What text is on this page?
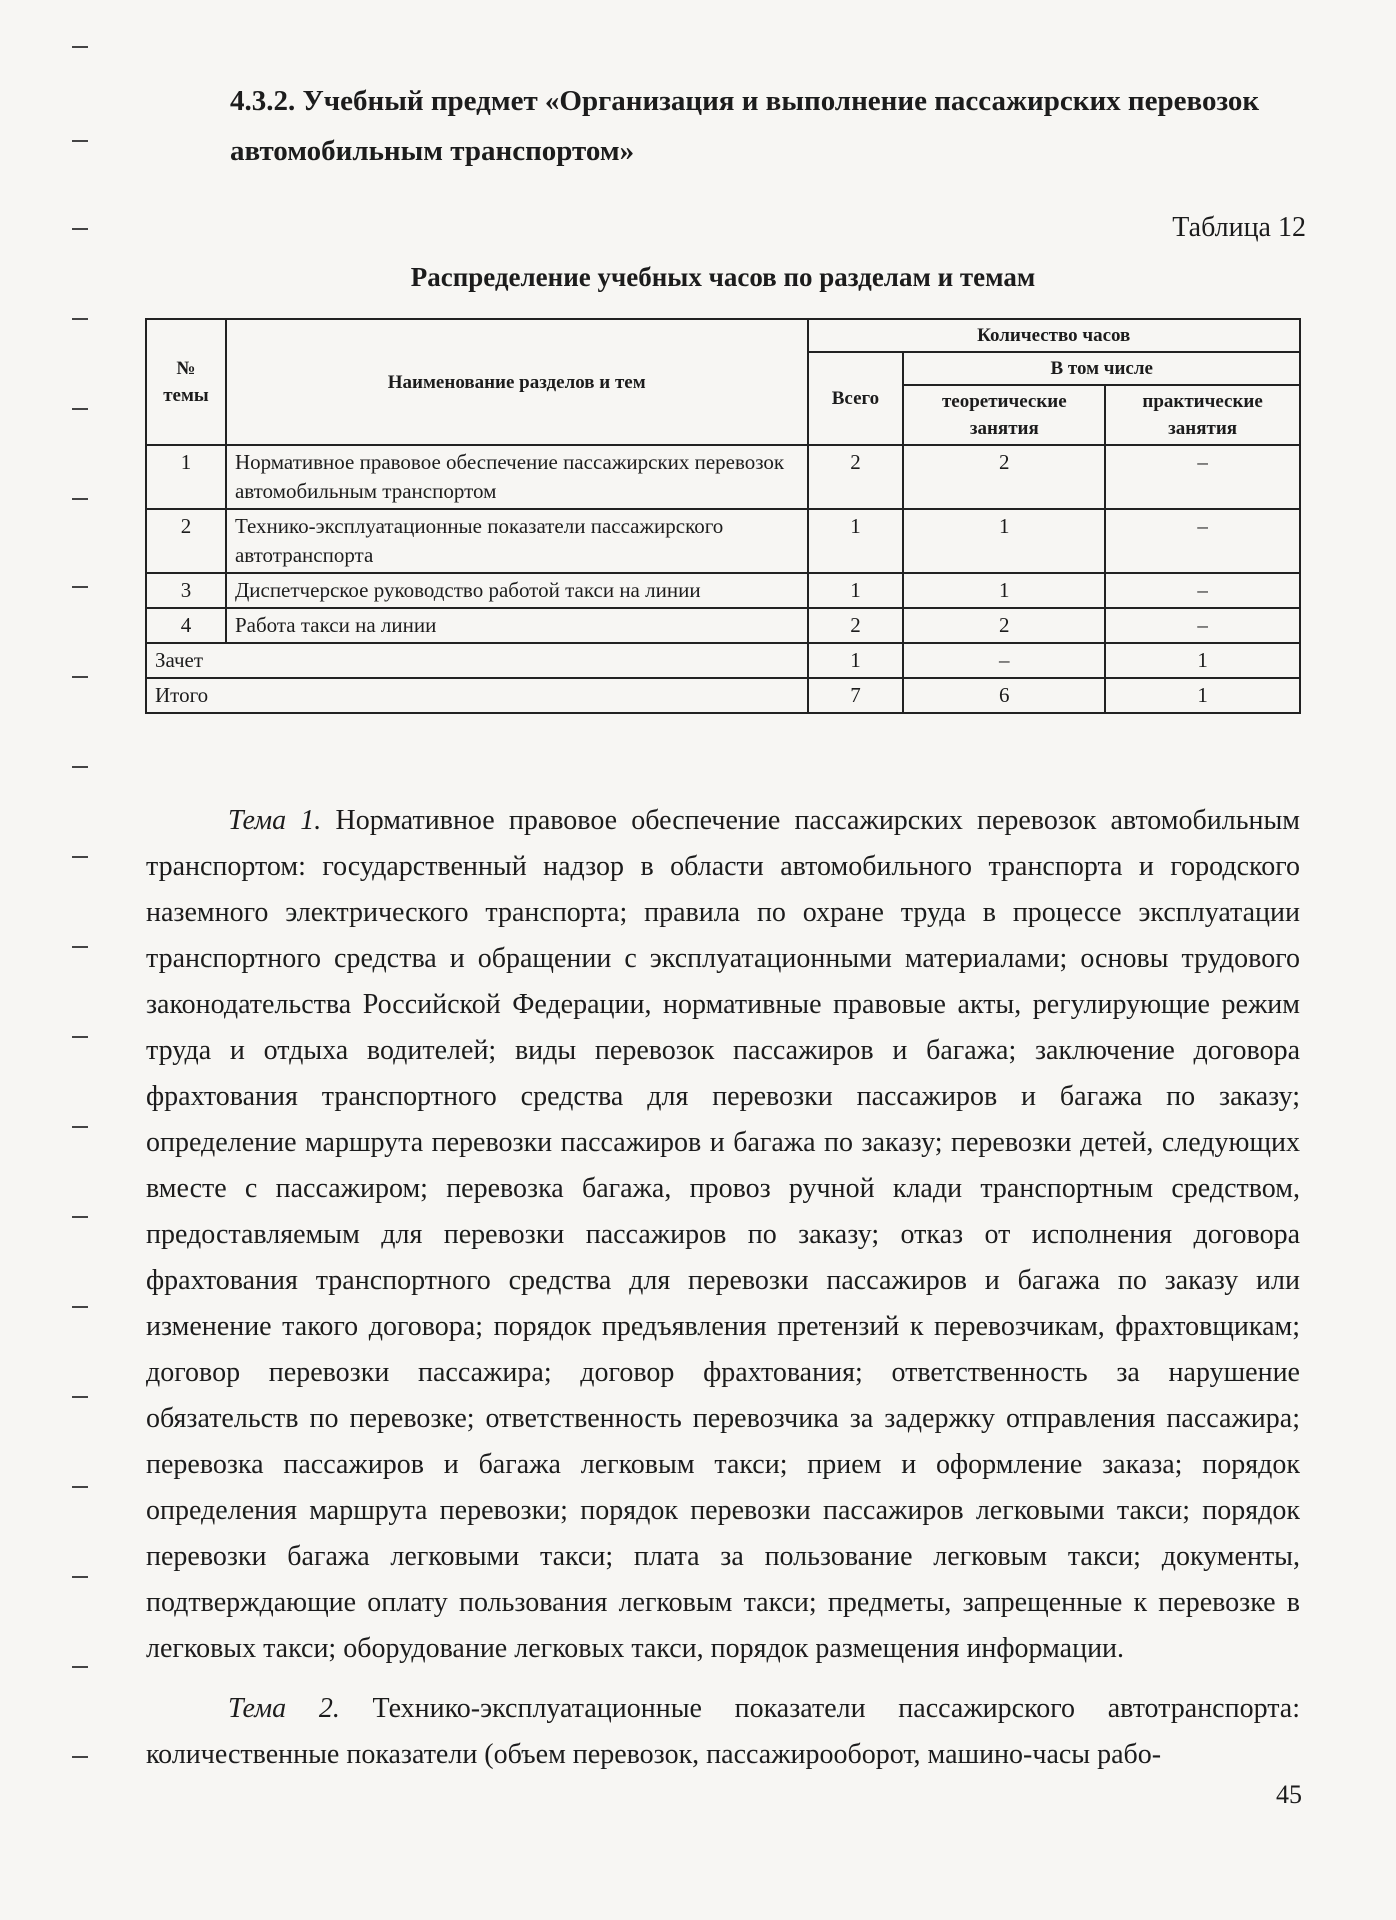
4.3.2. Учебный предмет «Организация и выполнение пассажирских перевозок автомобильным транспортом»
Таблица 12
Распределение учебных часов по разделам и темам
№ темы	Наименование разделов и тем	Количество часов		
		Всего	В том числе	
			теоретические занятия	практические занятия
1	Нормативное правовое обеспечение пассажирских перевозок автомобильным транспортом	2	2	–
2	Технико-эксплуатационные показатели пассажирского автотранспорта	1	1	–
3	Диспетчерское руководство работой такси на линии	1	1	–
4	Работа такси на линии	2	2	–
Зачет		1	–	1
Итого		7	6	1

Тема 1. Нормативное правовое обеспечение пассажирских перевозок автомобильным транспортом: государственный надзор в области автомобильного транспорта и городского наземного электрического транспорта; правила по охране труда в процессе эксплуатации транспортного средства и обращении с эксплуатационными материалами; основы трудового законодательства Российской Федерации, нормативные правовые акты, регулирующие режим труда и отдыха водителей; виды перевозок пассажиров и багажа; заключение договора фрахтования транспортного средства для перевозки пассажиров и багажа по заказу; определение маршрута перевозки пассажиров и багажа по заказу; перевозки детей, следующих вместе с пассажиром; перевозка багажа, провоз ручной клади транспортным средством, предоставляемым для перевозки пассажиров по заказу; отказ от исполнения договора фрахтования транспортного средства для перевозки пассажиров и багажа по заказу или изменение такого договора; порядок предъявления претензий к перевозчикам, фрахтовщикам; договор перевозки пассажира; договор фрахтования; ответственность за нарушение обязательств по перевозке; ответственность перевозчика за задержку отправления пассажира; перевозка пассажиров и багажа легковым такси; прием и оформление заказа; порядок определения маршрута перевозки; порядок перевозки пассажиров легковыми такси; порядок перевозки багажа легковыми такси; плата за пользование легковым такси; документы, подтверждающие оплату пользования легковым такси; предметы, запрещенные к перевозке в легковых такси; оборудование легковых такси, порядок размещения информации.

Тема 2. Технико-эксплуатационные показатели пассажирского автотранспорта: количественные показатели (объем перевозок, пассажирооборот, машино-часы рабо-

45
